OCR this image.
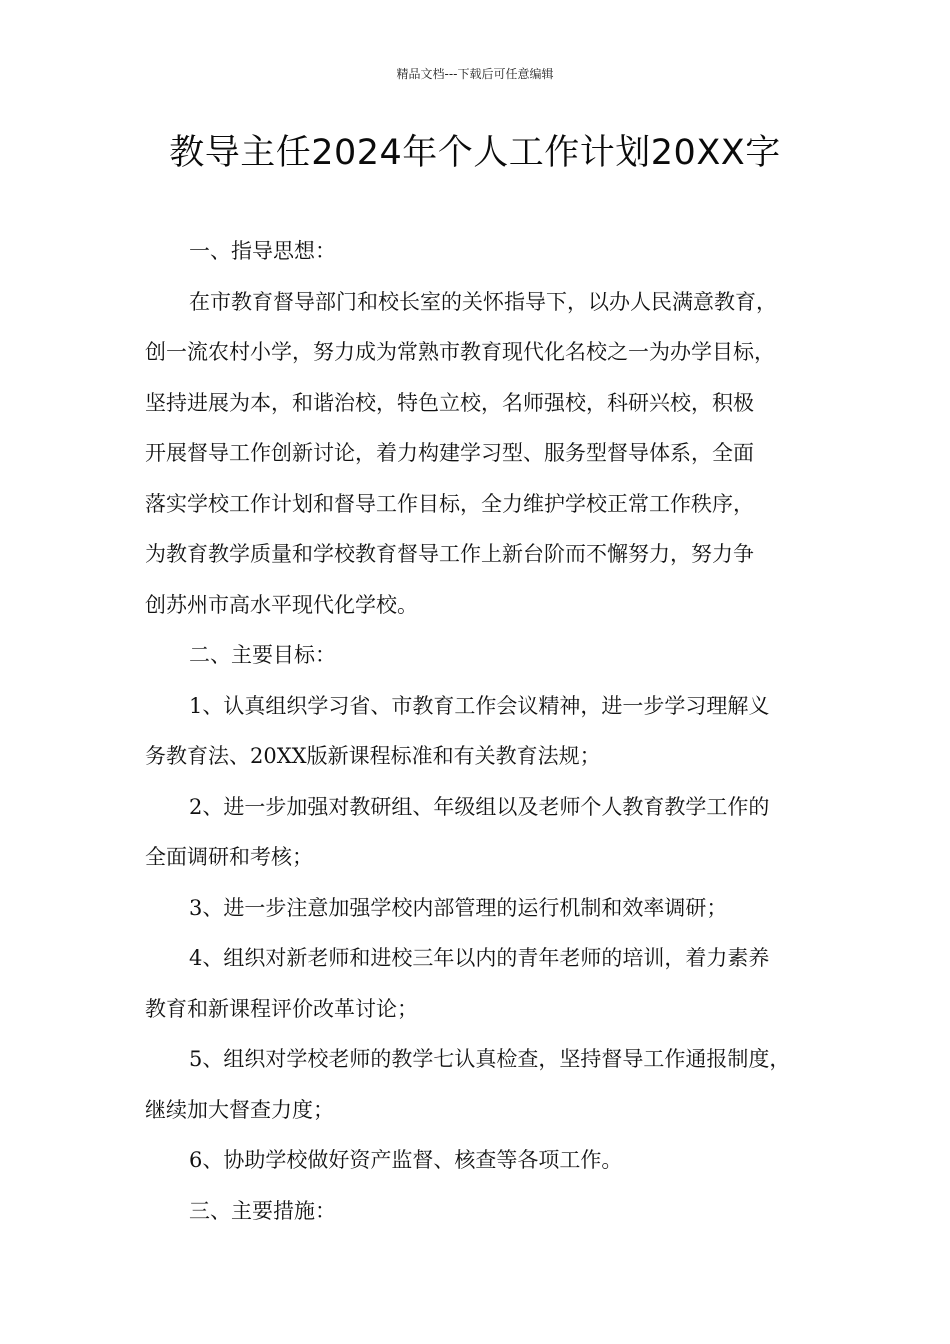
精品文档---下载后可任意编辑
教导主任2024年个人工作计划20XX字
一、指导思想：
在市教育督导部门和校长室的关怀指导下，以办人民满意教育，
创一流农村小学，努力成为常熟市教育现代化名校之一为办学目标，
坚持进展为本，和谐治校，特色立校，名师强校，科研兴校，积极
开展督导工作创新讨论，着力构建学习型、服务型督导体系，全面
落实学校工作计划和督导工作目标，全力维护学校正常工作秩序，
为教育教学质量和学校教育督导工作上新台阶而不懈努力，努力争
创苏州市高水平现代化学校。
二、主要目标：
1、认真组织学习省、市教育工作会议精神，进一步学习理解义
务教育法、20XX版新课程标准和有关教育法规；
2、进一步加强对教研组、年级组以及老师个人教育教学工作的
全面调研和考核；
3、进一步注意加强学校内部管理的运行机制和效率调研；
4、组织对新老师和进校三年以内的青年老师的培训，着力素养
教育和新课程评价改革讨论；
5、组织对学校老师的教学七认真检查，坚持督导工作通报制度，
继续加大督查力度；
6、协助学校做好资产监督、核查等各项工作。
三、主要措施：
